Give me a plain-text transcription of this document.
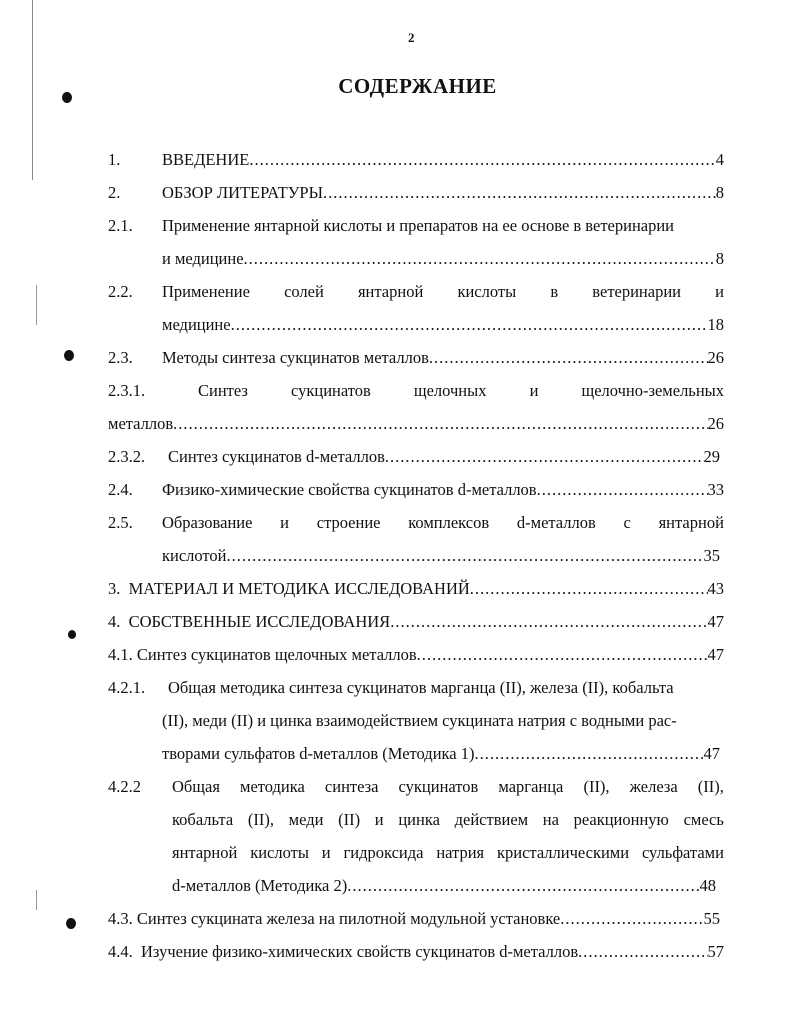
2
СОДЕРЖАНИЕ
1.	ВВЕДЕНИЕ .....	4
2.	ОБЗОР ЛИТЕРАТУРЫ .....	8
2.1. Применение янтарной кислоты и препаратов на ее основе в ветеринарии
и медицине .....	8
2.2. Применение солей янтарной кислоты в ветеринарии и
медицине .....	18
2.3. Методы синтеза сукцинатов металлов .....	26
2.3.1.	Синтез	сукцинатов	щелочных	и	щелочно-земельных
металлов .....	26
2.3.2. Синтез сукцинатов d-металлов .....	29
2.4. Физико-химические свойства сукцинатов d-металлов .....	33
2.5. Образование и строение комплексов d-металлов с янтарной
кислотой .....	35
3.  МАТЕРИАЛ И МЕТОДИКА ИССЛЕДОВАНИЙ .....	43
4.  СОБСТВЕННЫЕ ИССЛЕДОВАНИЯ .....	47
4.1. Синтез сукцинатов щелочных металлов .....	47
4.2.1. Общая методика синтеза сукцинатов марганца (II), железа (II), кобальта
(II), меди (II) и цинка взаимодействием сукцината натрия с водными рас-
творами сульфатов d-металлов (Методика 1) .....	47
4.2.2 Общая методика синтеза сукцинатов марганца (II), железа (II),
кобальта (II), меди (II) и цинка действием на реакционную смесь
янтарной кислоты и гидроксида натрия кристаллическими сульфатами
d-металлов (Методика 2) .....	48
4.3. Синтез сукцината железа на пилотной модульной установке .....	55
4.4.  Изучение физико-химических свойств сукцинатов d-металлов .....	57
